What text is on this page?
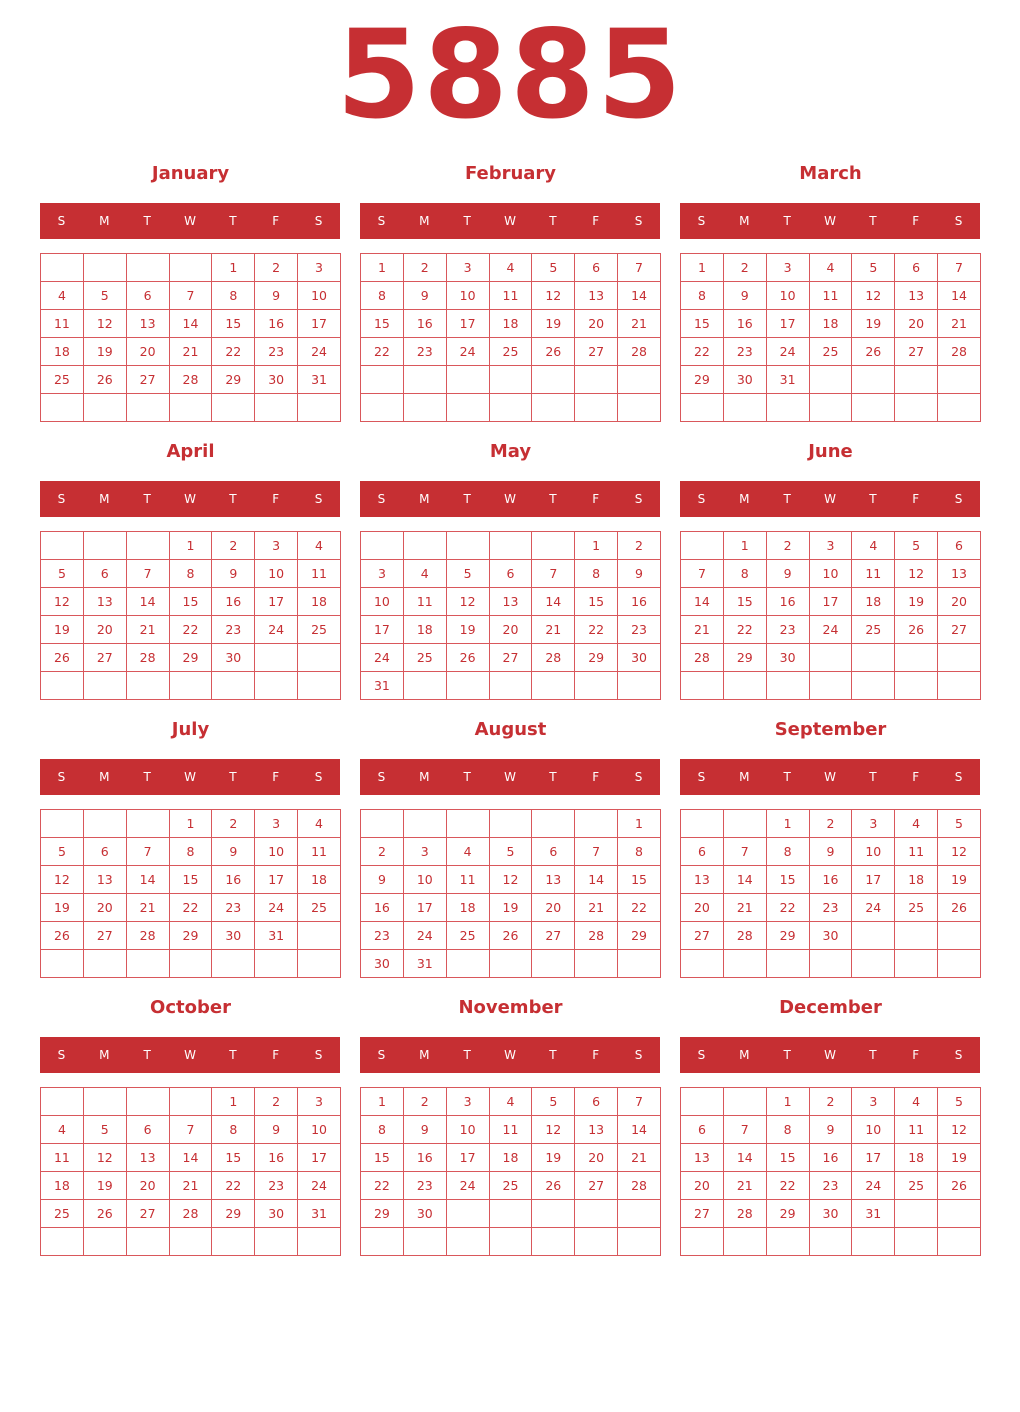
5885
January
S	M	T	W	T	F	S
				1	2	3
4	5	6	7	8	9	10
11	12	13	14	15	16	17
18	19	20	21	22	23	24
25	26	27	28	29	30	31

February
S	M	T	W	T	F	S
1	2	3	4	5	6	7
8	9	10	11	12	13	14
15	16	17	18	19	20	21
22	23	24	25	26	27	28

March
S	M	T	W	T	F	S
1	2	3	4	5	6	7
8	9	10	11	12	13	14
15	16	17	18	19	20	21
22	23	24	25	26	27	28
29	30	31				

April
S	M	T	W	T	F	S
			1	2	3	4
5	6	7	8	9	10	11
12	13	14	15	16	17	18
19	20	21	22	23	24	25
26	27	28	29	30		

May
S	M	T	W	T	F	S
					1	2
3	4	5	6	7	8	9
10	11	12	13	14	15	16
17	18	19	20	21	22	23
24	25	26	27	28	29	30
31						
June
S	M	T	W	T	F	S
	1	2	3	4	5	6
7	8	9	10	11	12	13
14	15	16	17	18	19	20
21	22	23	24	25	26	27
28	29	30				

July
S	M	T	W	T	F	S
			1	2	3	4
5	6	7	8	9	10	11
12	13	14	15	16	17	18
19	20	21	22	23	24	25
26	27	28	29	30	31	

August
S	M	T	W	T	F	S
						1
2	3	4	5	6	7	8
9	10	11	12	13	14	15
16	17	18	19	20	21	22
23	24	25	26	27	28	29
30	31					
September
S	M	T	W	T	F	S
		1	2	3	4	5
6	7	8	9	10	11	12
13	14	15	16	17	18	19
20	21	22	23	24	25	26
27	28	29	30			

October
S	M	T	W	T	F	S
				1	2	3
4	5	6	7	8	9	10
11	12	13	14	15	16	17
18	19	20	21	22	23	24
25	26	27	28	29	30	31

November
S	M	T	W	T	F	S
1	2	3	4	5	6	7
8	9	10	11	12	13	14
15	16	17	18	19	20	21
22	23	24	25	26	27	28
29	30					

December
S	M	T	W	T	F	S
		1	2	3	4	5
6	7	8	9	10	11	12
13	14	15	16	17	18	19
20	21	22	23	24	25	26
27	28	29	30	31		
